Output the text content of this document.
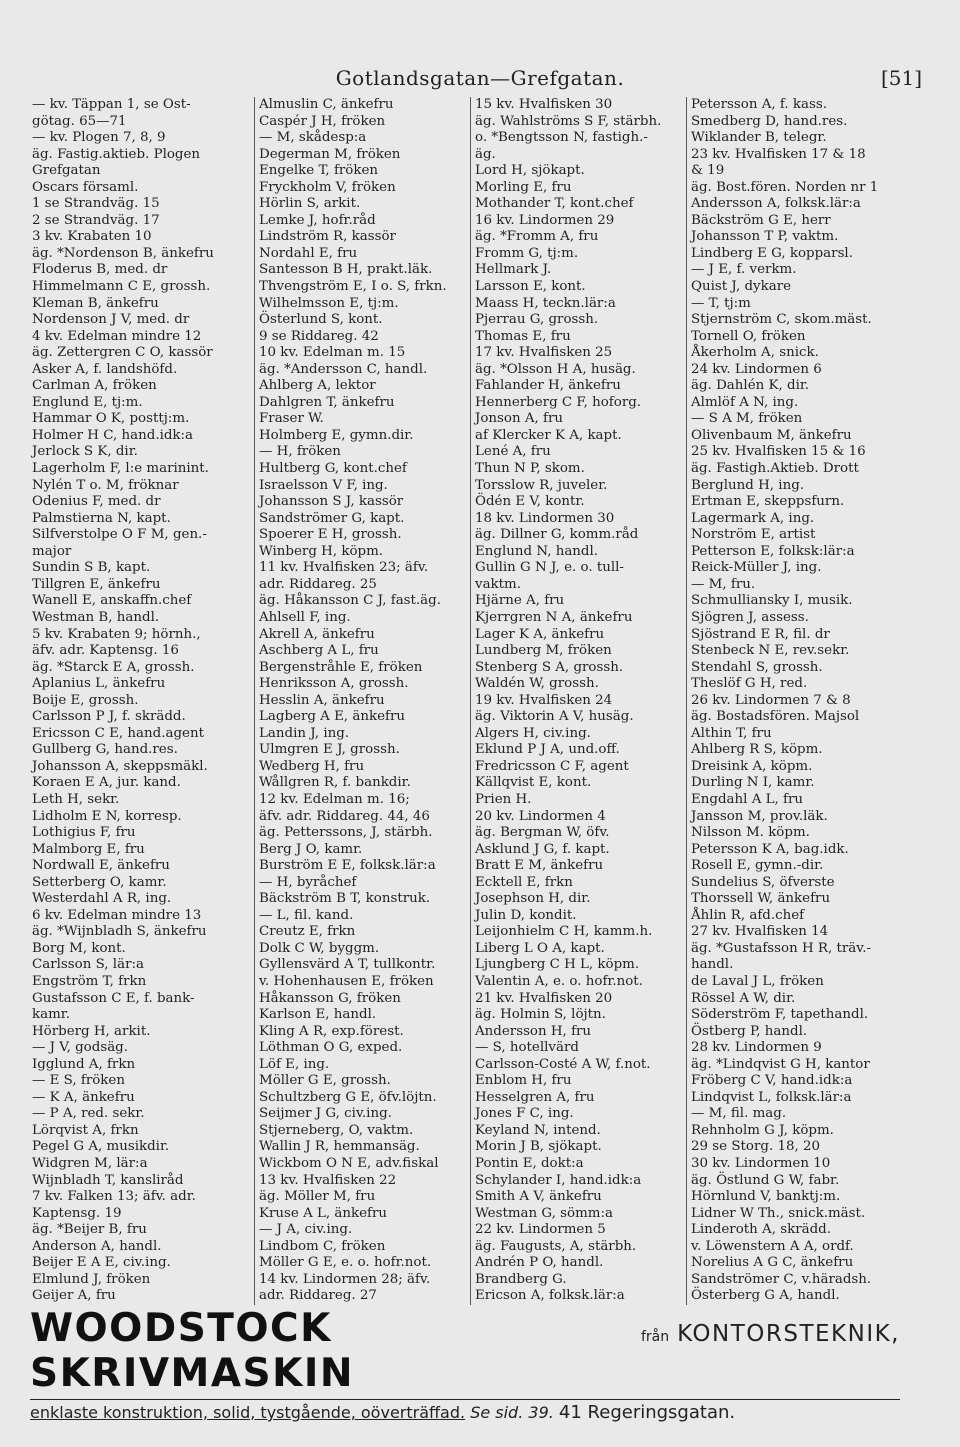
Gotlandsgatan—Grefgatan.	[51]
— kv. Täppan 1, se Öst-
götag. 65—71
— kv. Plogen 7, 8, 9
äg. Fastig.aktieb. Plogen
Grefgatan
Oscars församl.
1 se Strandväg. 15
2 se Strandväg. 17
3 kv. Krabaten 10
äg. *Nordenson B, änkefru
Floderus B, med. dr
Himmelmann C E, grossh.
Kleman B, änkefru
Nordenson J V, med. dr
4 kv. Edelman mindre 12
äg. Zettergren C O, kassör
Asker A, f. landshöfd.
Carlman A, fröken
Englund E, tj:m.
Hammar O K, posttj:m.
Holmer H C, hand.idk:a
Jerlock S K, dir.
Lagerholm F, l:e marinint.
Nylén T o. M, fröknar
Odenius F, med. dr
Palmstierna N, kapt.
Silfverstolpe O F M, gen.-
major
Sundin S B, kapt.
Tillgren E, änkefru
Wanell E, anskaffn.chef
Westman B, handl.
5 kv. Krabaten 9; hörnh.,
äfv. adr. Kaptensg. 16
äg. *Starck E A, grossh.
Aplanius L, änkefru
Boije E, grossh.
Carlsson P J, f. skrädd.
Ericsson C E, hand.agent
Gullberg G, hand.res.
Johansson A, skeppsmäkl.
Koraen E A, jur. kand.
Leth H, sekr.
Lidholm E N, korresp.
Lothigius F, fru
Malmborg E, fru
Nordwall E, änkefru
Setterberg O, kamr.
Westerdahl A R, ing.
6 kv. Edelman mindre 13
äg. *Wijnbladh S, änkefru
Borg M, kont.
Carlsson S, lär:a
Engström T, frkn
Gustafsson C E, f. bank-
kamr.
Hörberg H, arkit.
— J V, godsäg.
Igglund A, frkn
— E S, fröken
— K A, änkefru
— P A, red. sekr.
Lörqvist A, frkn
Pegel G A, musikdir.
Widgren M, lär:a
Wijnbladh T, kansliråd
7 kv. Falken 13; äfv. adr.
Kaptensg. 19
äg. *Beijer B, fru
Anderson A, handl.
Beijer E A E, civ.ing.
Elmlund J, fröken
Geijer A, fru
Almuslin C, änkefru
Caspér J H, fröken
— M, skådesp:a
Degerman M, fröken
Engelke T, fröken
Fryckholm V, fröken
Hörlin S, arkit.
Lemke J, hofr.råd
Lindström R, kassör
Nordahl E, fru
Santesson B H, prakt.läk.
Thvengström E, I o. S, frkn.
Wilhelmsson E, tj:m.
Österlund S, kont.
9 se Riddareg. 42
10 kv. Edelman m. 15
äg. *Andersson C, handl.
Ahlberg A, lektor
Dahlgren T, änkefru
Fraser W.
Holmberg E, gymn.dir.
— H, fröken
Hultberg G, kont.chef
Israelsson V F, ing.
Johansson S J, kassör
Sandströmer G, kapt.
Spoerer E H, grossh.
Winberg H, köpm.
11 kv. Hvalfisken 23; äfv.
adr. Riddareg. 25
äg. Håkansson C J, fast.äg.
Ahlsell F, ing.
Akrell A, änkefru
Aschberg A L, fru
Bergenstråhle E, fröken
Henriksson A, grossh.
Hesslin A, änkefru
Lagberg A E, änkefru
Landin J, ing.
Ulmgren E J, grossh.
Wedberg H, fru
Wållgren R, f. bankdir.
12 kv. Edelman m. 16;
äfv. adr. Riddareg. 44, 46
äg. Petterssons, J, stärbh.
Berg J O, kamr.
Burström E E, folksk.lär:a
— H, byråchef
Bäckström B T, konstruk.
— L, fil. kand.
Creutz E, frkn
Dolk C W, byggm.
Gyllensvärd A T, tullkontr.
v. Hohenhausen E, fröken
Håkansson G, fröken
Karlson E, handl.
Kling A R, exp.förest.
Löthman O G, exped.
Löf E, ing.
Möller G E, grossh.
Schultzberg G E, öfv.löjtn.
Seijmer J G, civ.ing.
Stjerneberg, O, vaktm.
Wallin J R, hemmansäg.
Wickbom O N E, adv.fiskal
13 kv. Hvalfisken 22
äg. Möller M, fru
Kruse A L, änkefru
— J A, civ.ing.
Lindbom C, fröken
Möller G E, e. o. hofr.not.
14 kv. Lindormen 28; äfv.
adr. Riddareg. 27
15 kv. Hvalfisken 30
äg. Wahlströms S F, stärbh.
o. *Bengtsson N, fastigh.-
äg.
Lord H, sjökapt.
Morling E, fru
Mothander T, kont.chef
16 kv. Lindormen 29
äg. *Fromm A, fru
Fromm G, tj:m.
Hellmark J.
Larsson E, kont.
Maass H, teckn.lär:a
Pjerrau G, grossh.
Thomas E, fru
17 kv. Hvalfisken 25
äg. *Olsson H A, husäg.
Fahlander H, änkefru
Hennerberg C F, hoforg.
Jonson A, fru
af Klercker K A, kapt.
Lené A, fru
Thun N P, skom.
Torsslow R, juveler.
Ödén E V, kontr.
18 kv. Lindormen 30
äg. Dillner G, komm.råd
Englund N, handl.
Gullin G N J, e. o. tull-
vaktm.
Hjärne A, fru
Kjerrgren N A, änkefru
Lager K A, änkefru
Lundberg M, fröken
Stenberg S A, grossh.
Waldén W, grossh.
19 kv. Hvalfisken 24
äg. Viktorin A V, husäg.
Algers H, civ.ing.
Eklund P J A, und.off.
Fredricsson C F, agent
Källqvist E, kont.
Prien H.
20 kv. Lindormen 4
äg. Bergman W, öfv.
Asklund J G, f. kapt.
Bratt E M, änkefru
Ecktell E, frkn
Josephson H, dir.
Julin D, kondit.
Leijonhielm C H, kamm.h.
Liberg L O A, kapt.
Ljungberg C H L, köpm.
Valentin A, e. o. hofr.not.
21 kv. Hvalfisken 20
äg. Holmin S, löjtn.
Andersson H, fru
— S, hotellvärd
Carlsson-Costé A W, f.not.
Enblom H, fru
Hesselgren A, fru
Jones F C, ing.
Keyland N, intend.
Morin J B, sjökapt.
Pontin E, dokt:a
Schylander I, hand.idk:a
Smith A V, änkefru
Westman G, sömm:a
22 kv. Lindormen 5
äg. Faugusts, A, stärbh.
Andrén P O, handl.
Brandberg G.
Ericson A, folksk.lär:a
Petersson A, f. kass.
Smedberg D, hand.res.
Wiklander B, telegr.
23 kv. Hvalfisken 17 & 18
& 19
äg. Bost.fören. Norden nr 1
Andersson A, folksk.lär:a
Bäckström G E, herr
Johansson T P, vaktm.
Lindberg E G, kopparsl.
— J E, f. verkm.
Quist J, dykare
— T, tj:m
Stjernström C, skom.mäst.
Tornell O, fröken
Åkerholm A, snick.
24 kv. Lindormen 6
äg. Dahlén K, dir.
Almlöf A N, ing.
— S A M, fröken
Olivenbaum M, änkefru
25 kv. Hvalfisken 15 & 16
äg. Fastigh.Aktieb. Drott
Berglund H, ing.
Ertman E, skeppsfurn.
Lagermark A, ing.
Norström E, artist
Petterson E, folksk:lär:a
Reick-Müller J, ing.
— M, fru.
Schmulliansky I, musik.
Sjögren J, assess.
Sjöstrand E R, fil. dr
Stenbeck N E, rev.sekr.
Stendahl S, grossh.
Theslöf G H, red.
26 kv. Lindormen 7 & 8
äg. Bostadsfören. Majsol
Althin T, fru
Ahlberg R S, köpm.
Dreisink A, köpm.
Durling N I, kamr.
Engdahl A L, fru
Jansson M, prov.läk.
Nilsson M. köpm.
Petersson K A, bag.idk.
Rosell E, gymn.-dir.
Sundelius S, öfverste
Thorssell W, änkefru
Åhlin R, afd.chef
27 kv. Hvalfisken 14
äg. *Gustafsson H R, träv.-
handl.
de Laval J L, fröken
Rössel A W, dir.
Söderström F, tapethandl.
Östberg P, handl.
28 kv. Lindormen 9
äg. *Lindqvist G H, kantor
Fröberg C V, hand.idk:a
Lindqvist L, folksk.lär:a
— M, fil. mag.
Rehnholm G J, köpm.
29 se Storg. 18, 20
30 kv. Lindormen 10
äg. Östlund G W, fabr.
Hörnlund V, banktj:m.
Lidner W Th., snick.mäst.
Linderoth A, skrädd.
v. Löwenstern A A, ordf.
Norelius A G C, änkefru
Sandströmer C, v.häradsh.
Österberg G A, handl.
WOODSTOCK SKRIVMASKIN
från KONTORSTEKNIK,
enklaste konstruktion, solid, tystgående, oöverträffad. Se sid. 39. 41 Regeringsgatan.
